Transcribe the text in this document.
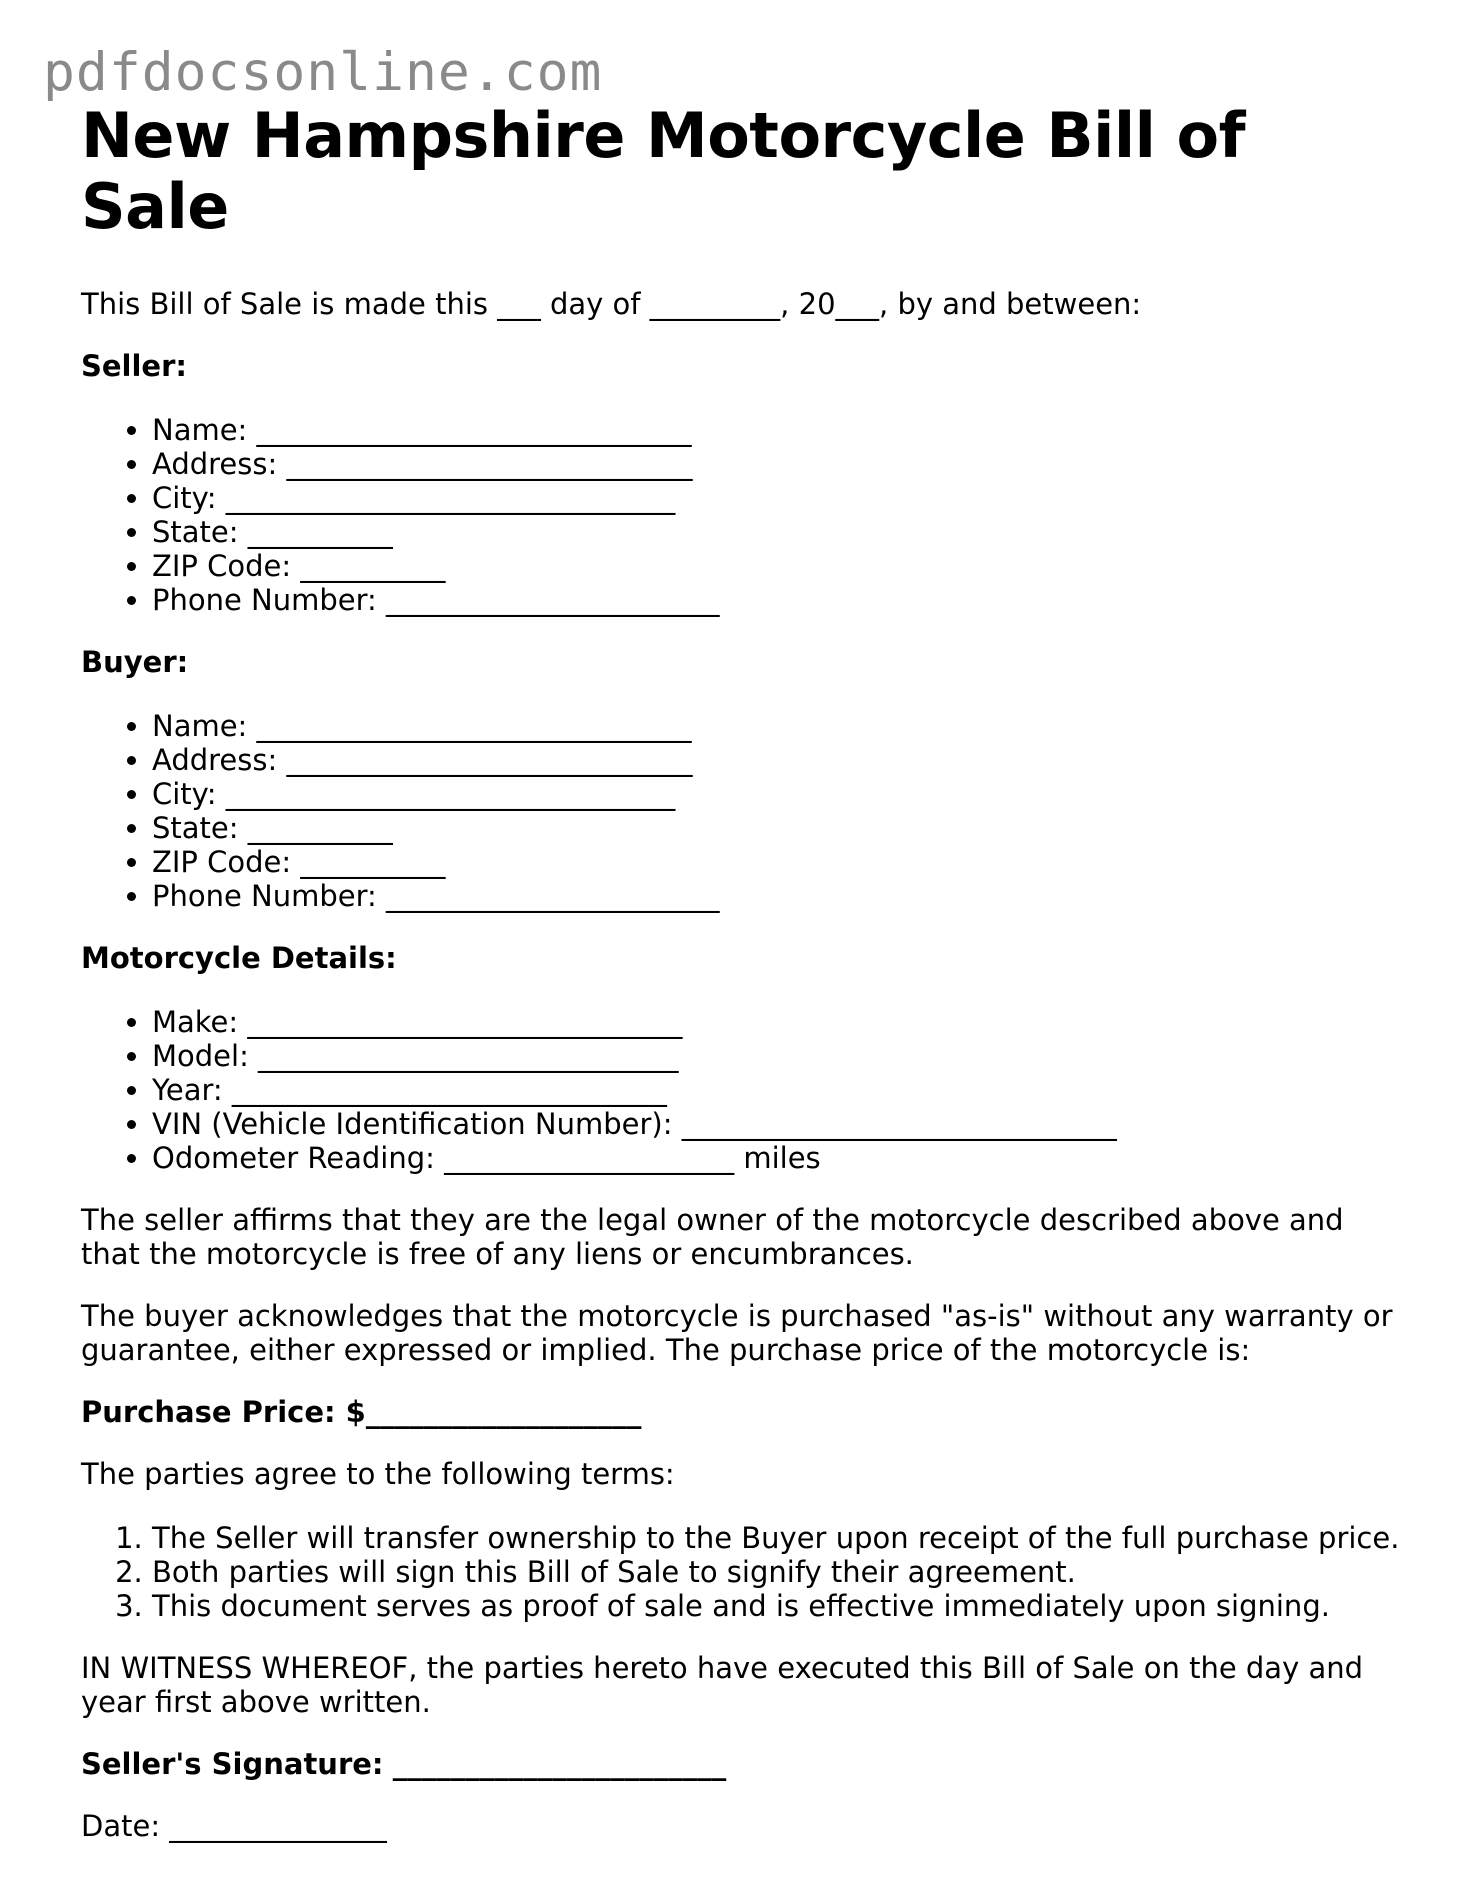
pdfdocsonline.com
New Hampshire Motorcycle Bill of Sale

This Bill of Sale is made this ___ day of _________, 20___, by and between:

Seller:

• Name: ______________________________
• Address: ____________________________
• City: _______________________________
• State: __________
• ZIP Code: __________
• Phone Number: _______________________

Buyer:

• Name: ______________________________
• Address: ____________________________
• City: _______________________________
• State: __________
• ZIP Code: __________
• Phone Number: _______________________

Motorcycle Details:

• Make: ______________________________
• Model: _____________________________
• Year: ______________________________
• VIN (Vehicle Identification Number): ______________________________
• Odometer Reading: ____________________ miles

The seller affirms that they are the legal owner of the motorcycle described above and that the motorcycle is free of any liens or encumbrances.

The buyer acknowledges that the motorcycle is purchased "as-is" without any warranty or guarantee, either expressed or implied. The purchase price of the motorcycle is:

Purchase Price: $___________________

The parties agree to the following terms:

1. The Seller will transfer ownership to the Buyer upon receipt of the full purchase price.
2. Both parties will sign this Bill of Sale to signify their agreement.
3. This document serves as proof of sale and is effective immediately upon signing.

IN WITNESS WHEREOF, the parties hereto have executed this Bill of Sale on the day and year first above written.

Seller's Signature: _______________________

Date: _______________
